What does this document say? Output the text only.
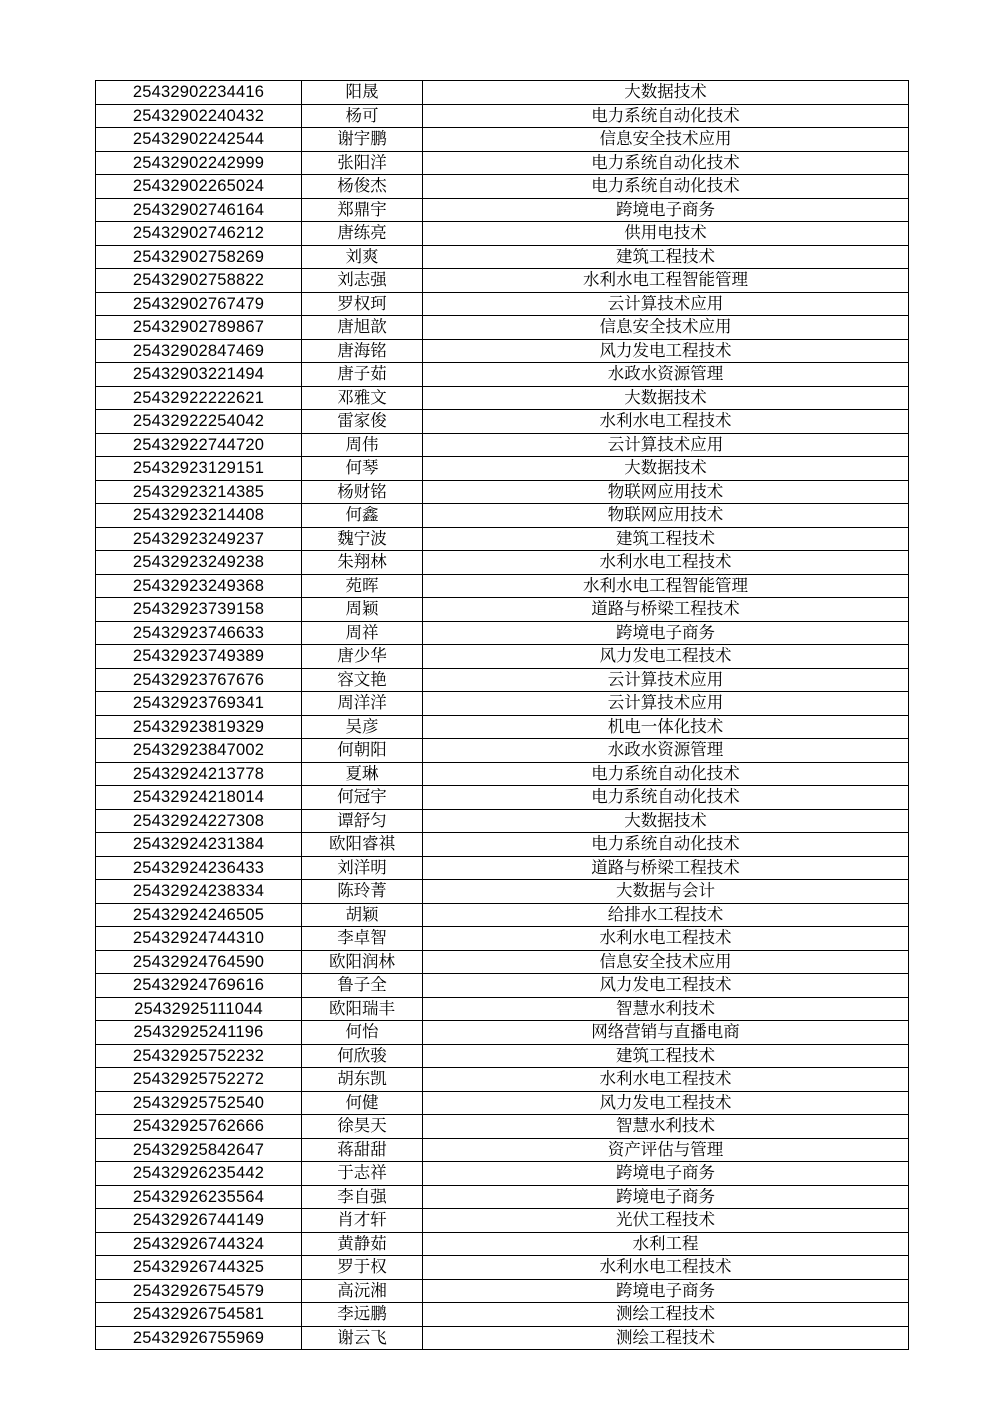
25432902234416	阳晟	大数据技术
25432902240432	杨可	电力系统自动化技术
25432902242544	谢宇鹏	信息安全技术应用
25432902242999	张阳洋	电力系统自动化技术
25432902265024	杨俊杰	电力系统自动化技术
25432902746164	郑鼎宇	跨境电子商务
25432902746212	唐练亮	供用电技术
25432902758269	刘爽	建筑工程技术
25432902758822	刘志强	水利水电工程智能管理
25432902767479	罗权珂	云计算技术应用
25432902789867	唐旭歆	信息安全技术应用
25432902847469	唐海铭	风力发电工程技术
25432903221494	唐子茹	水政水资源管理
25432922222621	邓雅文	大数据技术
25432922254042	雷家俊	水利水电工程技术
25432922744720	周伟	云计算技术应用
25432923129151	何琴	大数据技术
25432923214385	杨财铭	物联网应用技术
25432923214408	何鑫	物联网应用技术
25432923249237	魏宁波	建筑工程技术
25432923249238	朱翔林	水利水电工程技术
25432923249368	苑晖	水利水电工程智能管理
25432923739158	周颖	道路与桥梁工程技术
25432923746633	周祥	跨境电子商务
25432923749389	唐少华	风力发电工程技术
25432923767676	容文艳	云计算技术应用
25432923769341	周洋洋	云计算技术应用
25432923819329	吴彦	机电一体化技术
25432923847002	何朝阳	水政水资源管理
25432924213778	夏琳	电力系统自动化技术
25432924218014	何冠宇	电力系统自动化技术
25432924227308	谭舒匀	大数据技术
25432924231384	欧阳睿祺	电力系统自动化技术
25432924236433	刘洋明	道路与桥梁工程技术
25432924238334	陈玲菁	大数据与会计
25432924246505	胡颖	给排水工程技术
25432924744310	李卓智	水利水电工程技术
25432924764590	欧阳润林	信息安全技术应用
25432924769616	鲁子全	风力发电工程技术
25432925111044	欧阳瑞丰	智慧水利技术
25432925241196	何怡	网络营销与直播电商
25432925752232	何欣骏	建筑工程技术
25432925752272	胡东凯	水利水电工程技术
25432925752540	何健	风力发电工程技术
25432925762666	徐昊天	智慧水利技术
25432925842647	蒋甜甜	资产评估与管理
25432926235442	于志祥	跨境电子商务
25432926235564	李自强	跨境电子商务
25432926744149	肖才轩	光伏工程技术
25432926744324	黄静茹	水利工程
25432926744325	罗于权	水利水电工程技术
25432926754579	高沅湘	跨境电子商务
25432926754581	李远鹏	测绘工程技术
25432926755969	谢云飞	测绘工程技术
